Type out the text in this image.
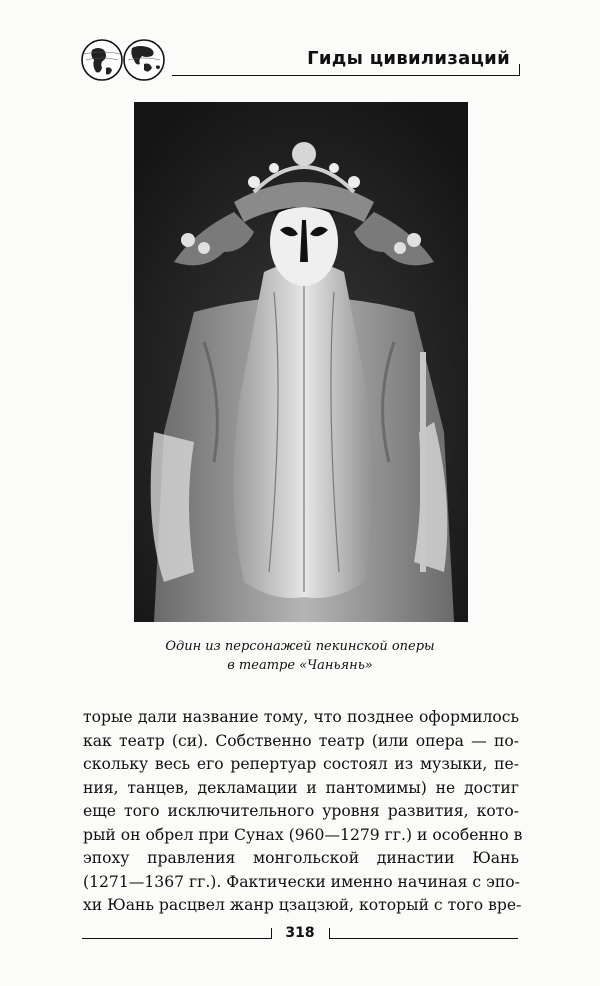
Гиды цивилизаций
Один из персонажей пекинской оперы
в театре «Чаньянь»
торые дали название тому, что позднее оформилось
как театр (си). Собственно театр (или опера — по-
скольку весь его репертуар состоял из музыки, пе-
ния, танцев, декламации и пантомимы) не достиг
еще того исключительного уровня развития, кото-
рый он обрел при Сунах (960—1279 гг.) и особенно в
эпоху правления монгольской династии Юань
(1271—1367 гг.). Фактически именно начиная с эпо-
хи Юань расцвел жанр цзацзюй, который с того вре-
318
